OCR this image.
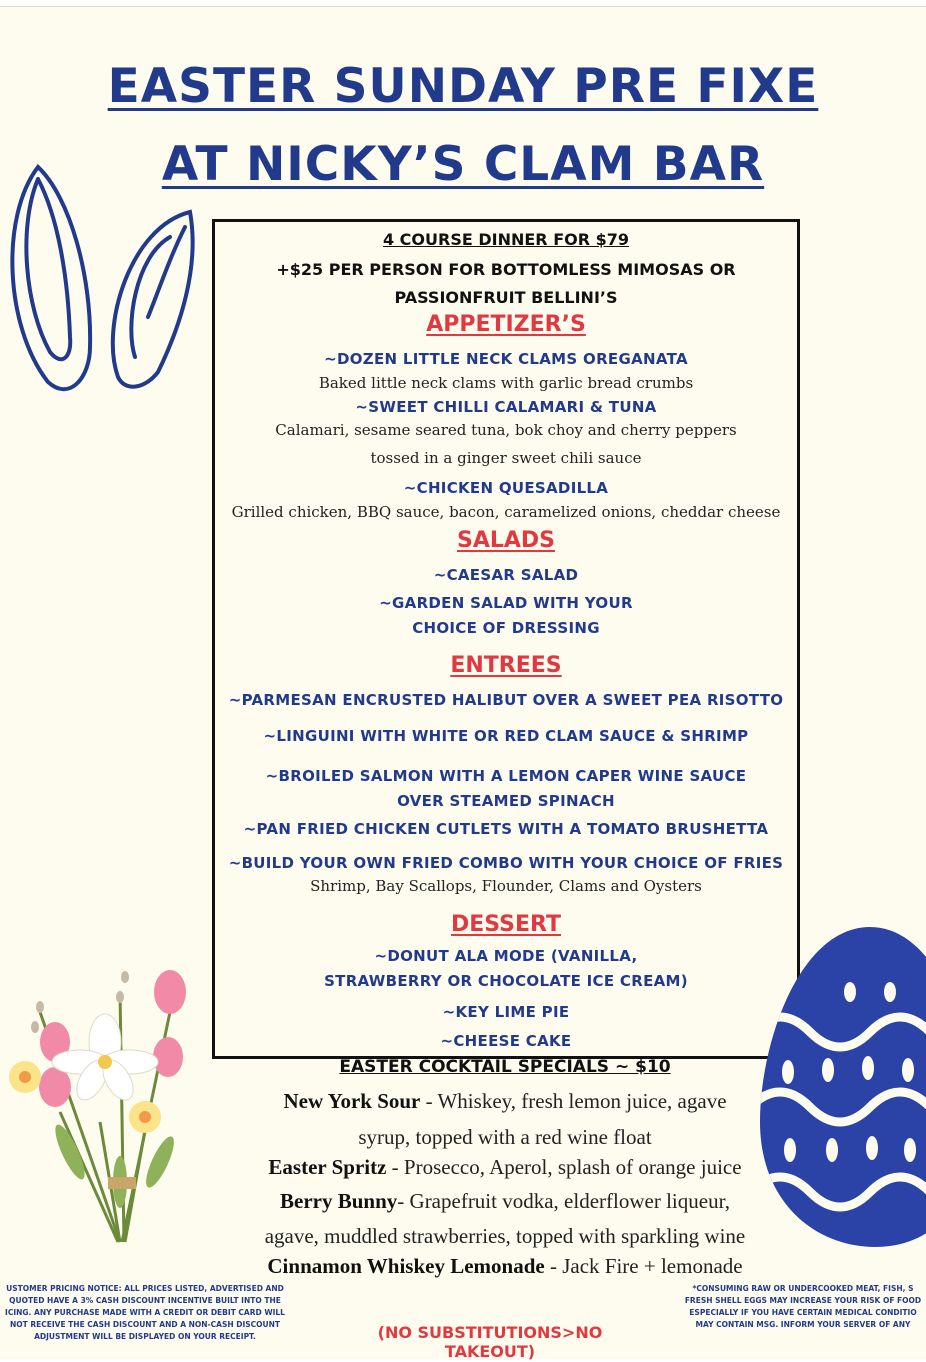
EASTER SUNDAY PRE FIXE
AT NICKY’S CLAM BAR
4 COURSE DINNER FOR $79
+$25 PER PERSON FOR BOTTOMLESS MIMOSAS OR
PASSIONFRUIT BELLINI’S
APPETIZER’S
~DOZEN LITTLE NECK CLAMS OREGANATA
Baked little neck clams with garlic bread crumbs
~SWEET CHILLI CALAMARI & TUNA
Calamari, sesame seared tuna, bok choy and cherry peppers
tossed in a ginger sweet chili sauce
~CHICKEN QUESADILLA
Grilled chicken, BBQ sauce, bacon, caramelized onions, cheddar cheese
SALADS
~CAESAR SALAD
~GARDEN SALAD WITH YOUR
CHOICE OF DRESSING
ENTREES
~PARMESAN ENCRUSTED HALIBUT OVER A SWEET PEA RISOTTO
~LINGUINI WITH WHITE OR RED CLAM SAUCE & SHRIMP
~BROILED SALMON WITH A LEMON CAPER WINE SAUCE
OVER STEAMED SPINACH
~PAN FRIED CHICKEN CUTLETS WITH A TOMATO BRUSHETTA
~BUILD YOUR OWN FRIED COMBO WITH YOUR CHOICE OF FRIES
Shrimp, Bay Scallops, Flounder, Clams and Oysters
DESSERT
~DONUT ALA MODE (VANILLA,
STRAWBERRY OR CHOCOLATE ICE CREAM)
~KEY LIME PIE
~CHEESE CAKE
EASTER COCKTAIL SPECIALS ~ $10
New York Sour - Whiskey, fresh lemon juice, agave
syrup, topped with a red wine float
Easter Spritz - Prosecco, Aperol, splash of orange juice
Berry Bunny- Grapefruit vodka, elderflower liqueur,
agave, muddled strawberries, topped with sparkling wine
Cinnamon Whiskey Lemonade - Jack Fire + lemonade
USTOMER PRICING NOTICE: ALL PRICES LISTED, ADVERTISED AND
QUOTED HAVE A 3% CASH DISCOUNT INCENTIVE BUILT INTO THE
ICING. ANY PURCHASE MADE WITH A CREDIT OR DEBIT CARD WILL
NOT RECEIVE THE CASH DISCOUNT AND A NON-CASH DISCOUNT
ADJUSTMENT WILL BE DISPLAYED ON YOUR RECEIPT.	(NO SUBSTITUTIONS>NO TAKEOUT)
*CONSUMING RAW OR UNDERCOOKED MEAT, FISH, S
FRESH SHELL EGGS MAY INCREASE YOUR RISK OF FOOD
ESPECIALLY IF YOU HAVE CERTAIN MEDICAL CONDITIO
MAY CONTAIN MSG. INFORM YOUR SERVER OF ANY
